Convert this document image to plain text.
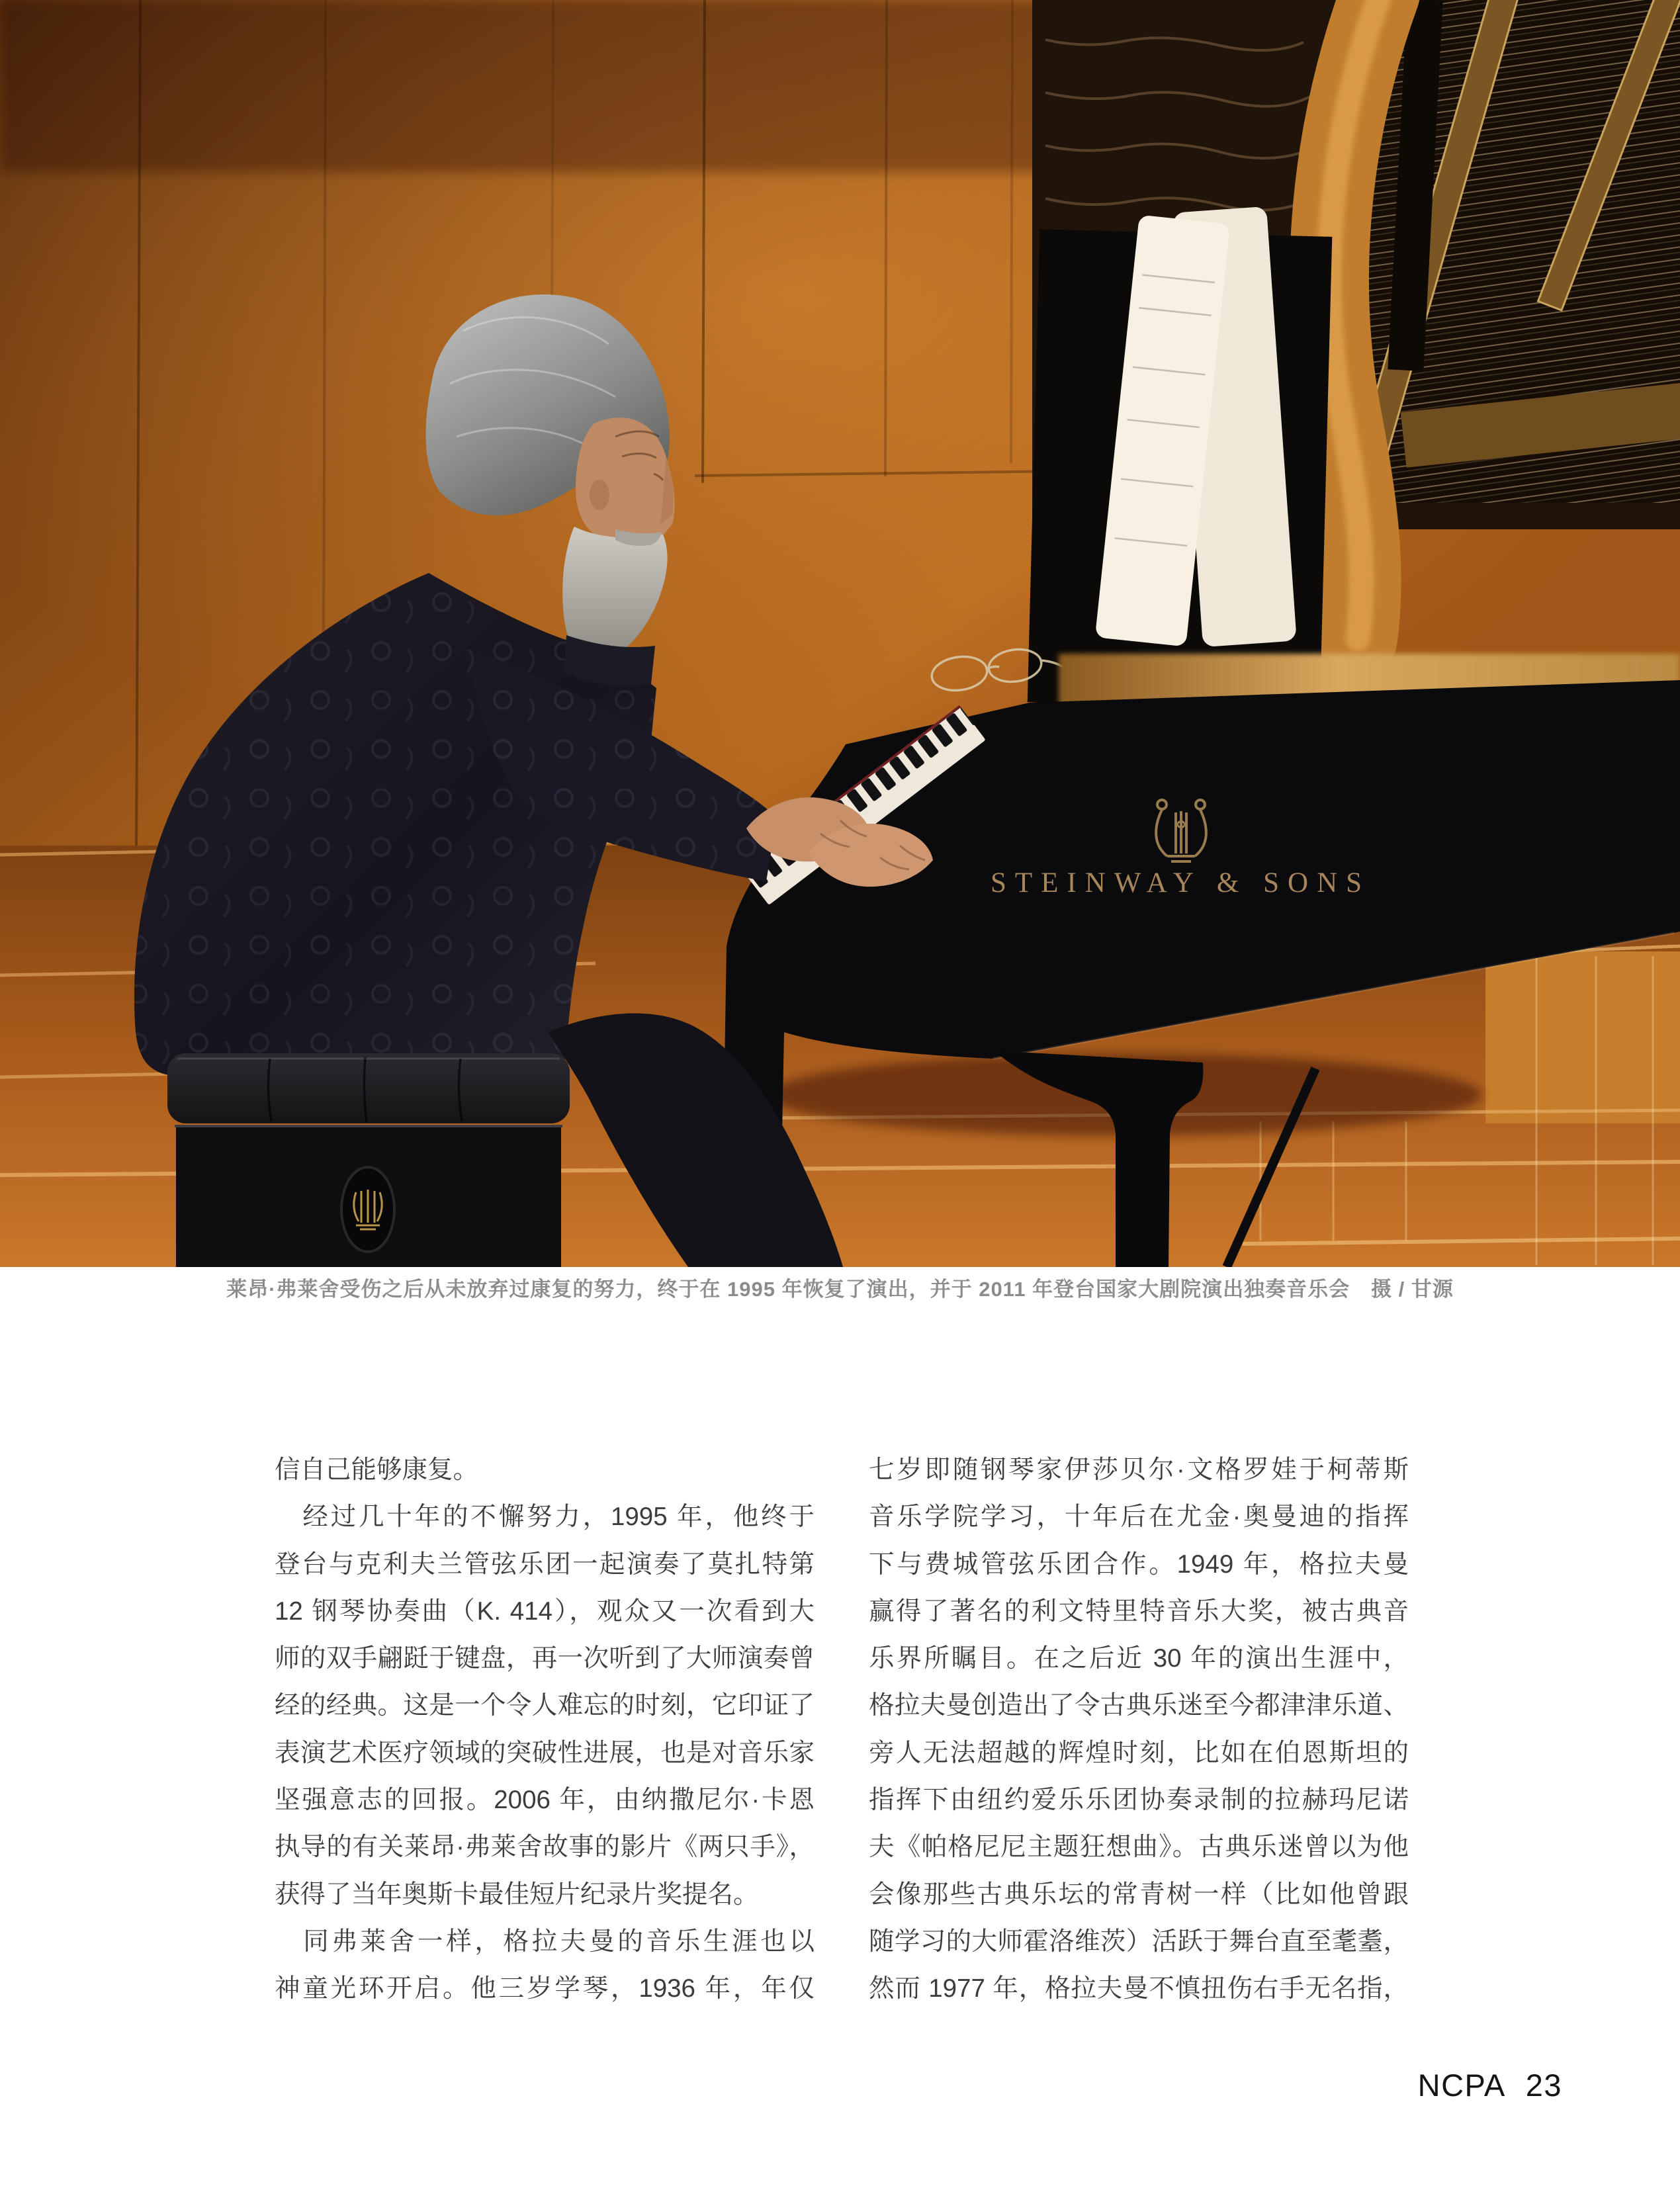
STEINWAY & SONS
莱昂·弗莱舍受伤之后从未放弃过康复的努力，终于在 1995 年恢复了演出，并于 2011 年登台国家大剧院演出独奏音乐会　摄 / 甘源
信自己能够康复。
　经过几十年的不懈努力，1995 年，他终于
登台与克利夫兰管弦乐团一起演奏了莫扎特第
12 钢琴协奏曲（K. 414），观众又一次看到大
师的双手翩跹于键盘，再一次听到了大师演奏曾
经的经典。这是一个令人难忘的时刻，它印证了
表演艺术医疗领域的突破性进展，也是对音乐家
坚强意志的回报。2006 年，由纳撒尼尔·卡恩
执导的有关莱昂·弗莱舍故事的影片《两只手》，
获得了当年奥斯卡最佳短片纪录片奖提名。
　同弗莱舍一样，格拉夫曼的音乐生涯也以
神童光环开启。他三岁学琴，1936 年，年仅
七岁即随钢琴家伊莎贝尔·文格罗娃于柯蒂斯
音乐学院学习，十年后在尤金·奥曼迪的指挥
下与费城管弦乐团合作。1949 年，格拉夫曼
赢得了著名的利文特里特音乐大奖，被古典音
乐界所瞩目。在之后近 30 年的演出生涯中，
格拉夫曼创造出了令古典乐迷至今都津津乐道、
旁人无法超越的辉煌时刻，比如在伯恩斯坦的
指挥下由纽约爱乐乐团协奏录制的拉赫玛尼诺
夫《帕格尼尼主题狂想曲》。古典乐迷曾以为他
会像那些古典乐坛的常青树一样（比如他曾跟
随学习的大师霍洛维茨）活跃于舞台直至耄耋，
然而 1977 年，格拉夫曼不慎扭伤右手无名指，
NCPA 23
